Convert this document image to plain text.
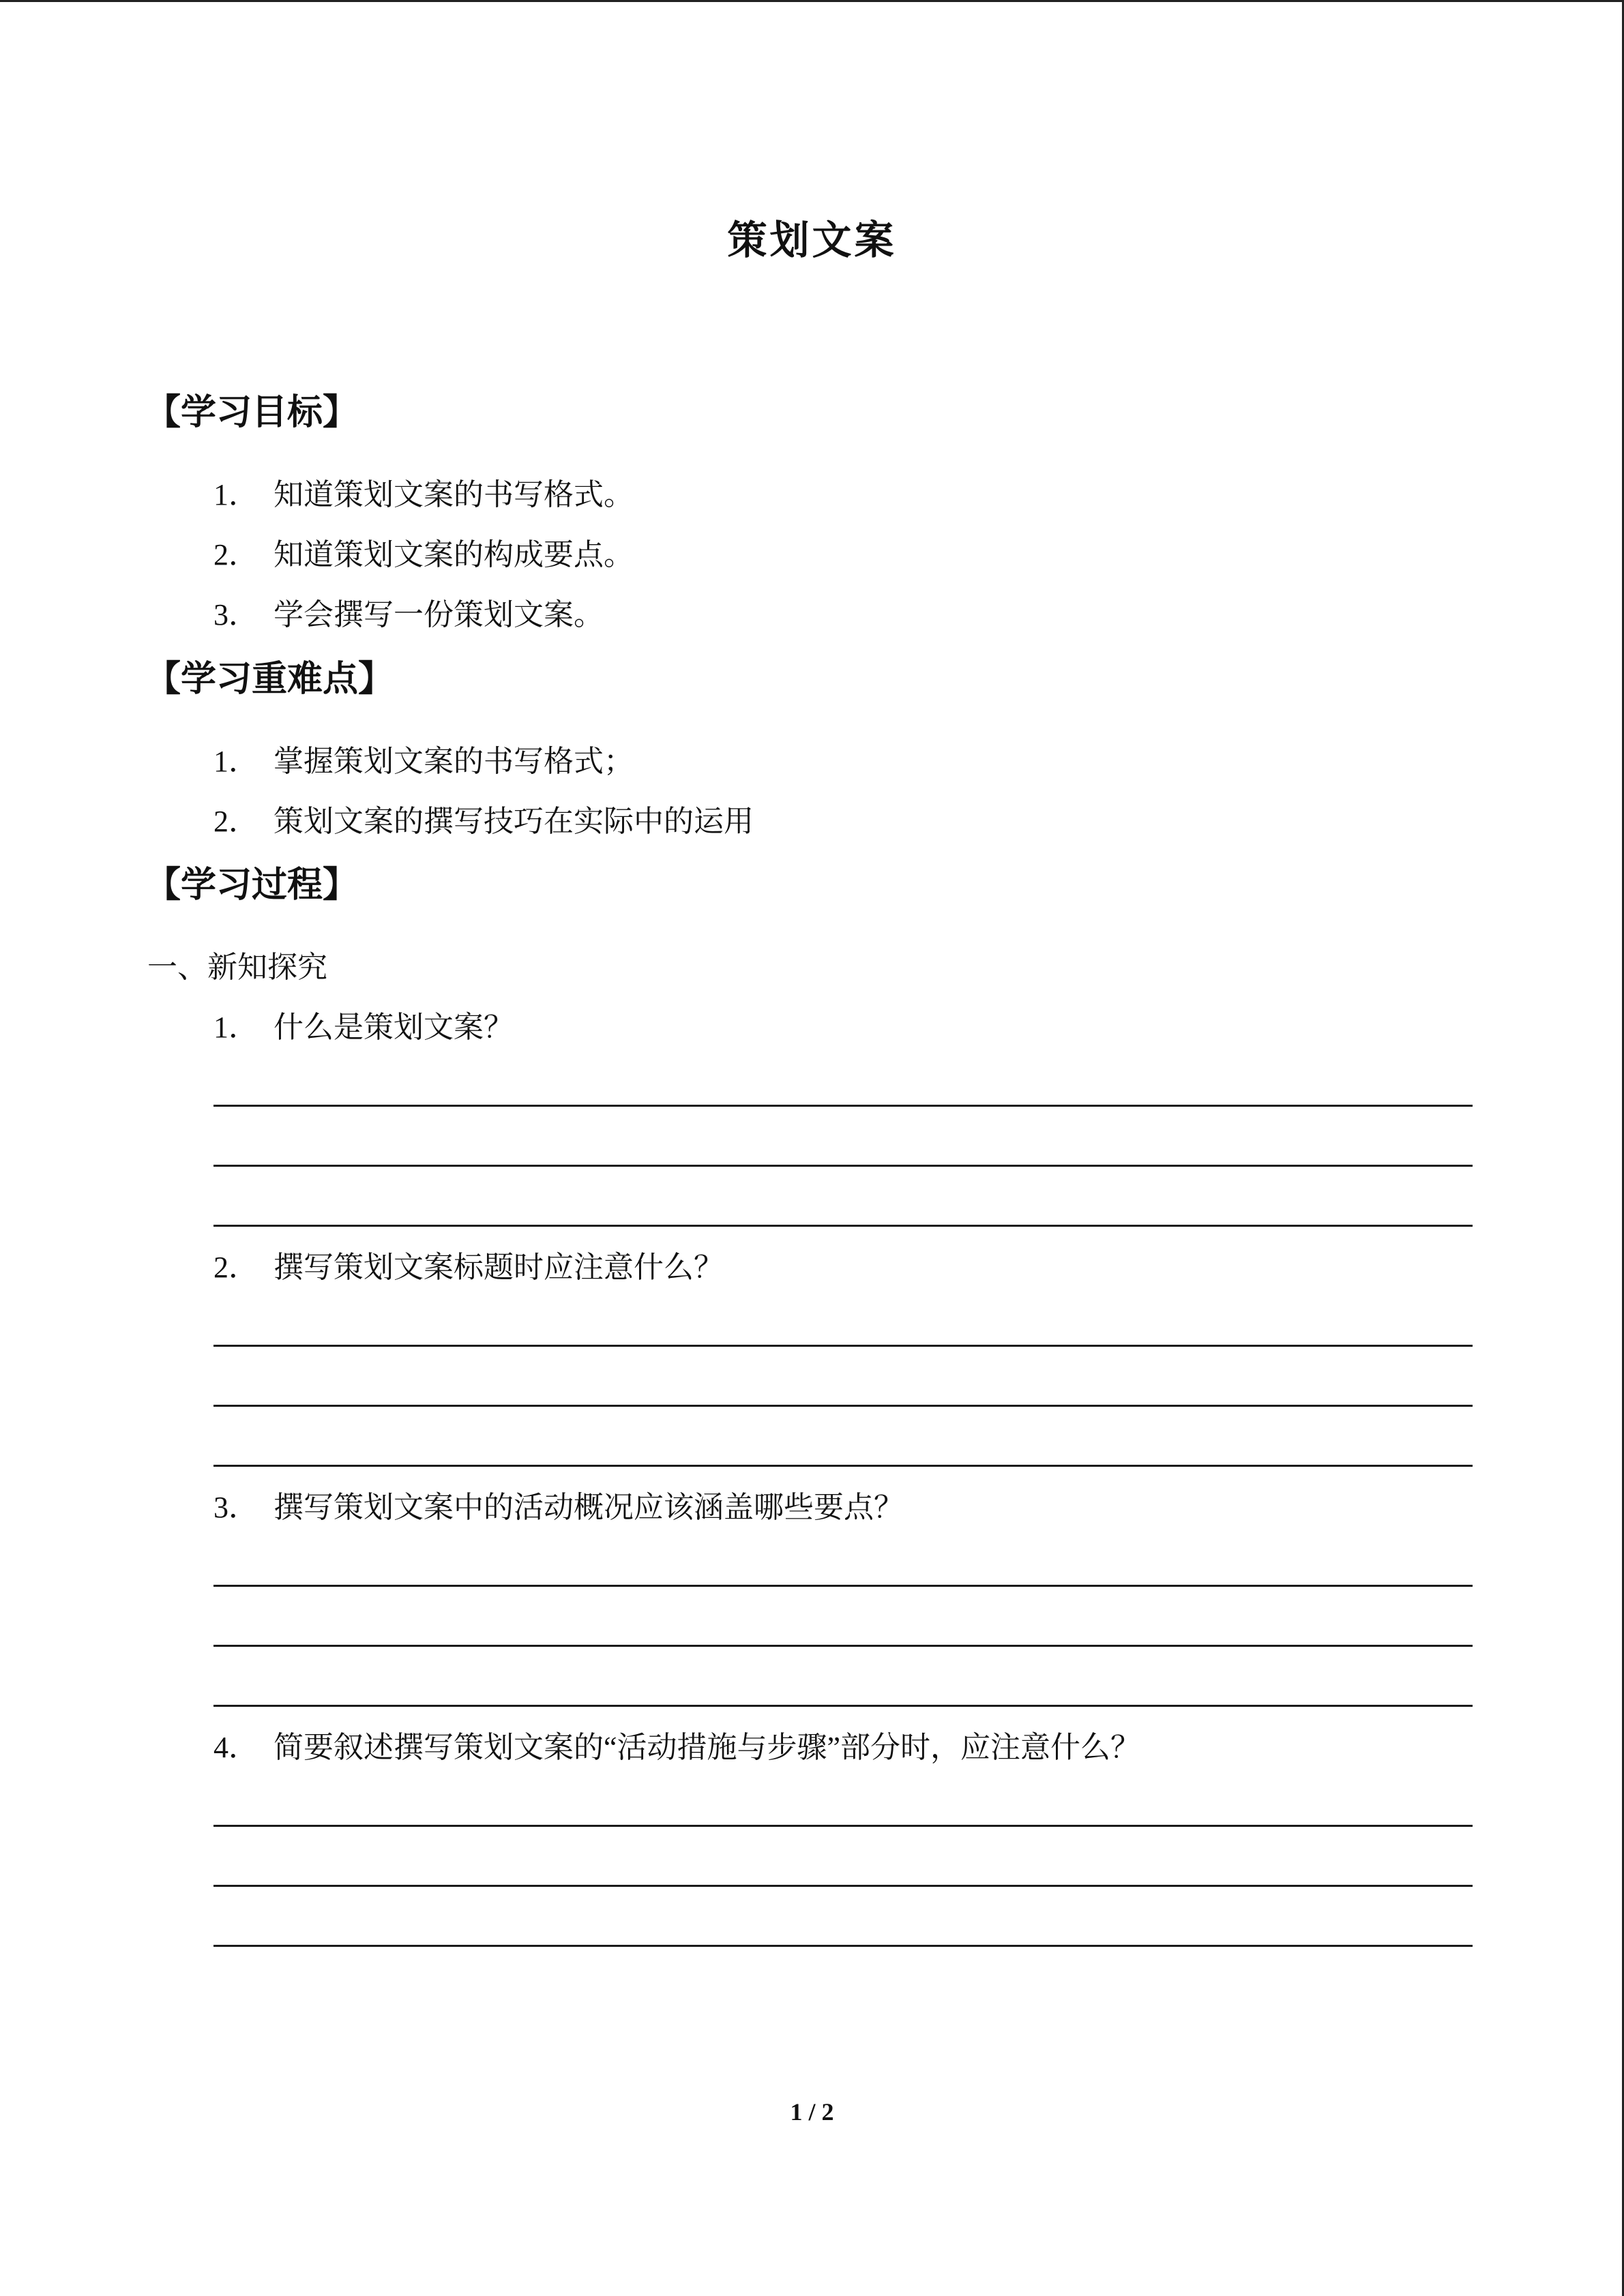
策划文案
【学习目标】
1． 知道策划文案的书写格式。
2． 知道策划文案的构成要点。
3． 学会撰写一份策划文案。
【学习重难点】
1． 掌握策划文案的书写格式；
2． 策划文案的撰写技巧在实际中的运用
【学习过程】
一、新知探究
1． 什么是策划文案？
2． 撰写策划文案标题时应注意什么？
3． 撰写策划文案中的活动概况应该涵盖哪些要点？
4． 简要叙述撰写策划文案的“活动措施与步骤”部分时，应注意什么？
1 / 2
